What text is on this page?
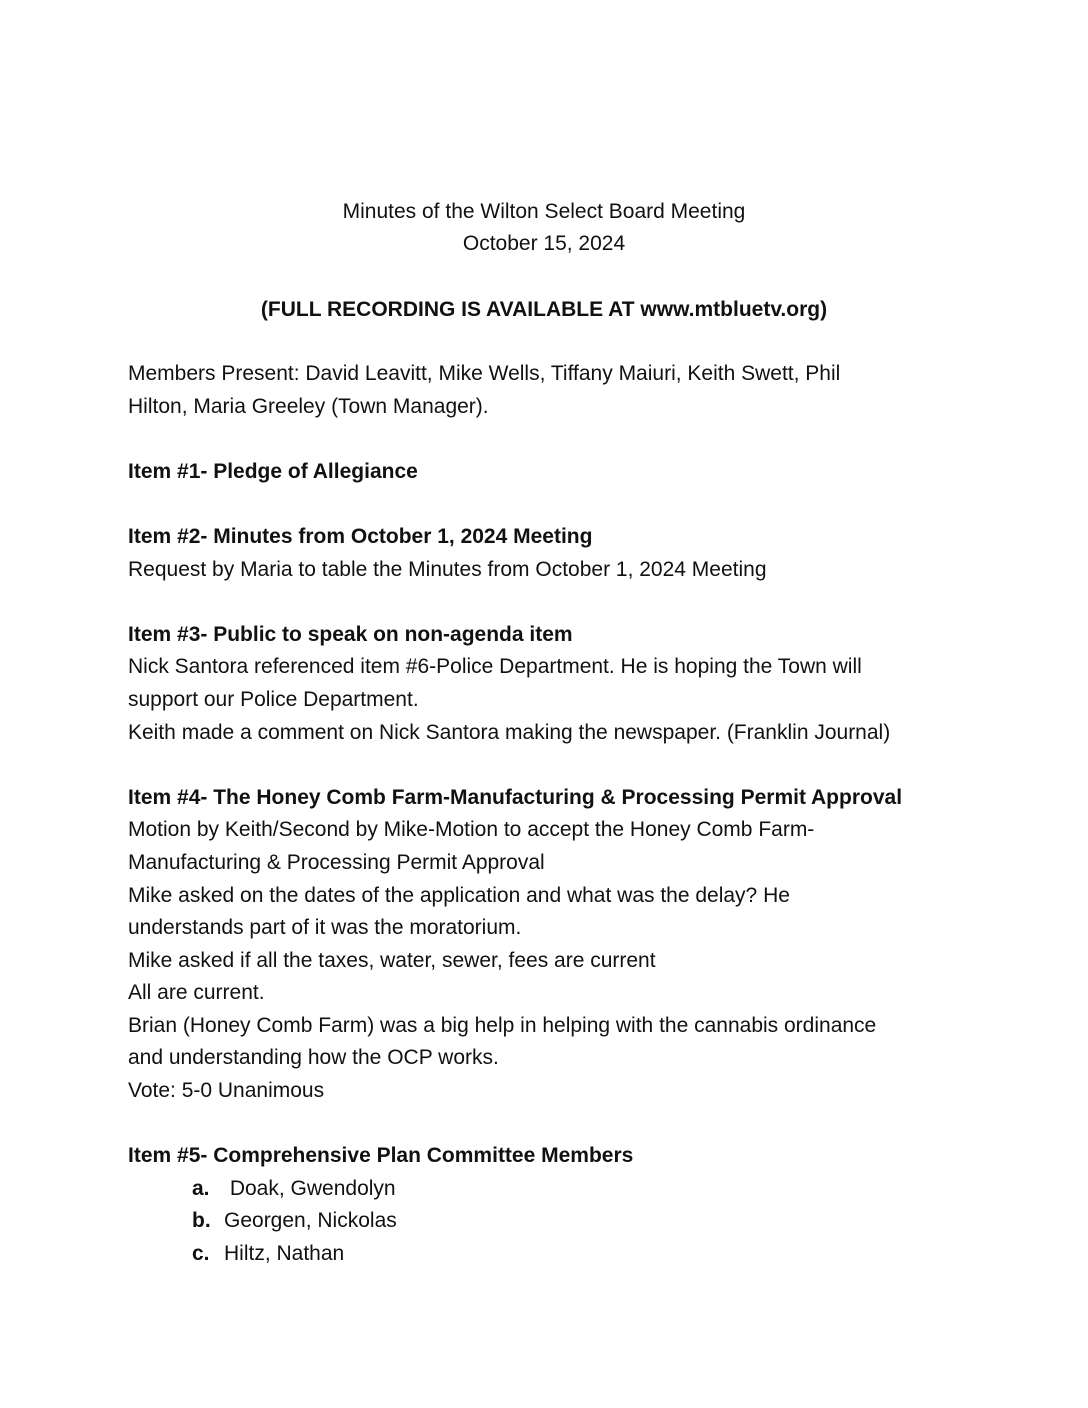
Minutes of the Wilton Select Board Meeting
October 15, 2024
(FULL RECORDING IS AVAILABLE AT www.mtbluetv.org)
Members Present: David Leavitt, Mike Wells, Tiffany Maiuri, Keith Swett, Phil
Hilton, Maria Greeley (Town Manager).
Item #1- Pledge of Allegiance
Item #2- Minutes from October 1, 2024 Meeting
Request by Maria to table the Minutes from October 1, 2024 Meeting
Item #3- Public to speak on non-agenda item
Nick Santora referenced item #6-Police Department. He is hoping the Town will
support our Police Department.
Keith made a comment on Nick Santora making the newspaper. (Franklin Journal)
Item #4- The Honey Comb Farm-Manufacturing & Processing Permit Approval
Motion by Keith/Second by Mike-Motion to accept the Honey Comb Farm-
Manufacturing & Processing Permit Approval
Mike asked on the dates of the application and what was the delay? He
understands part of it was the moratorium.
Mike asked if all the taxes, water, sewer, fees are current
All are current.
Brian (Honey Comb Farm) was a big help in helping with the cannabis ordinance
and understanding how the OCP works.
Vote: 5-0 Unanimous
Item #5- Comprehensive Plan Committee Members
a. Doak, Gwendolyn
b. Georgen, Nickolas
c. Hiltz, Nathan
